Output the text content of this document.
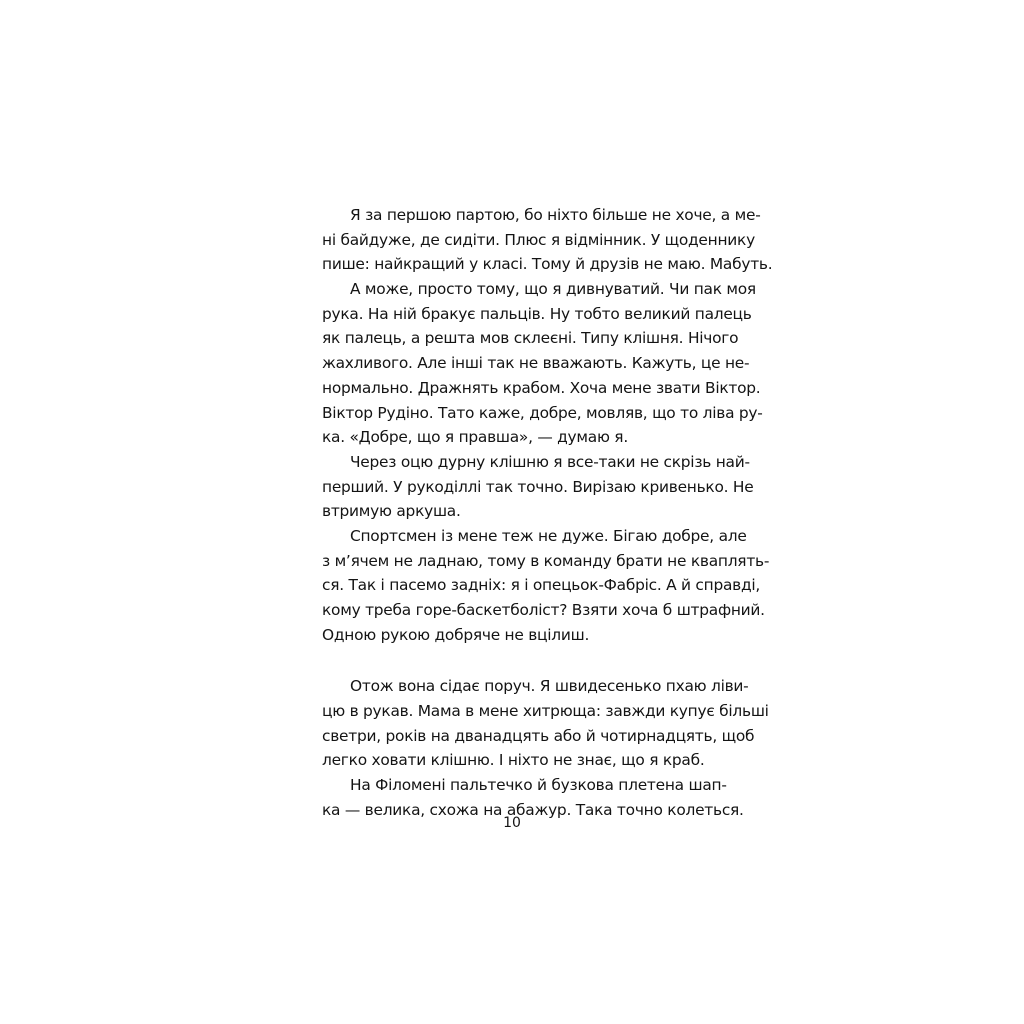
Я за першою партою, бо ніхто більше не хоче, а ме-
ні байдуже, де сидіти. Плюс я відмінник. У щоденнику
пише: найкращий у класі. Тому й друзів не маю. Мабуть.
А може, просто тому, що я дивнуватий. Чи пак моя
рука. На ній бракує пальців. Ну тобто великий палець
як палець, а решта мов склеєні. Типу клішня. Нічого
жахливого. Але інші так не вважають. Кажуть, це не-
нормально. Дражнять крабом. Хоча мене звати Віктор.
Віктор Рудіно. Тато каже, добре, мовляв, що то ліва ру-
ка. «Добре, що я правша», — думаю я.
Через оцю дурну клішню я все-таки не скрізь най-
перший. У рукоділлі так точно. Вирізаю кривенько. Не
втримую аркуша.
Спортсмен із мене теж не дуже. Бігаю добре, але
з м’ячем не ладнаю, тому в команду брати не кваплять-
ся. Так і пасемо задніх: я і опецьок-Фабріс. А й справді,
кому треба горе-баскетболіст? Взяти хоча б штрафний.
Одною рукою добряче не вцілиш.
Отож вона сідає поруч. Я швидесенько пхаю ліви-
цю в рукав. Мама в мене хитрюща: завжди купує більші
светри, років на дванадцять або й чотирнадцять, щоб
легко ховати клішню. І ніхто не знає, що я краб.
На Філомені пальтечко й бузкова плетена шап-
ка — велика, схожа на абажур. Така точно колеться.
10
